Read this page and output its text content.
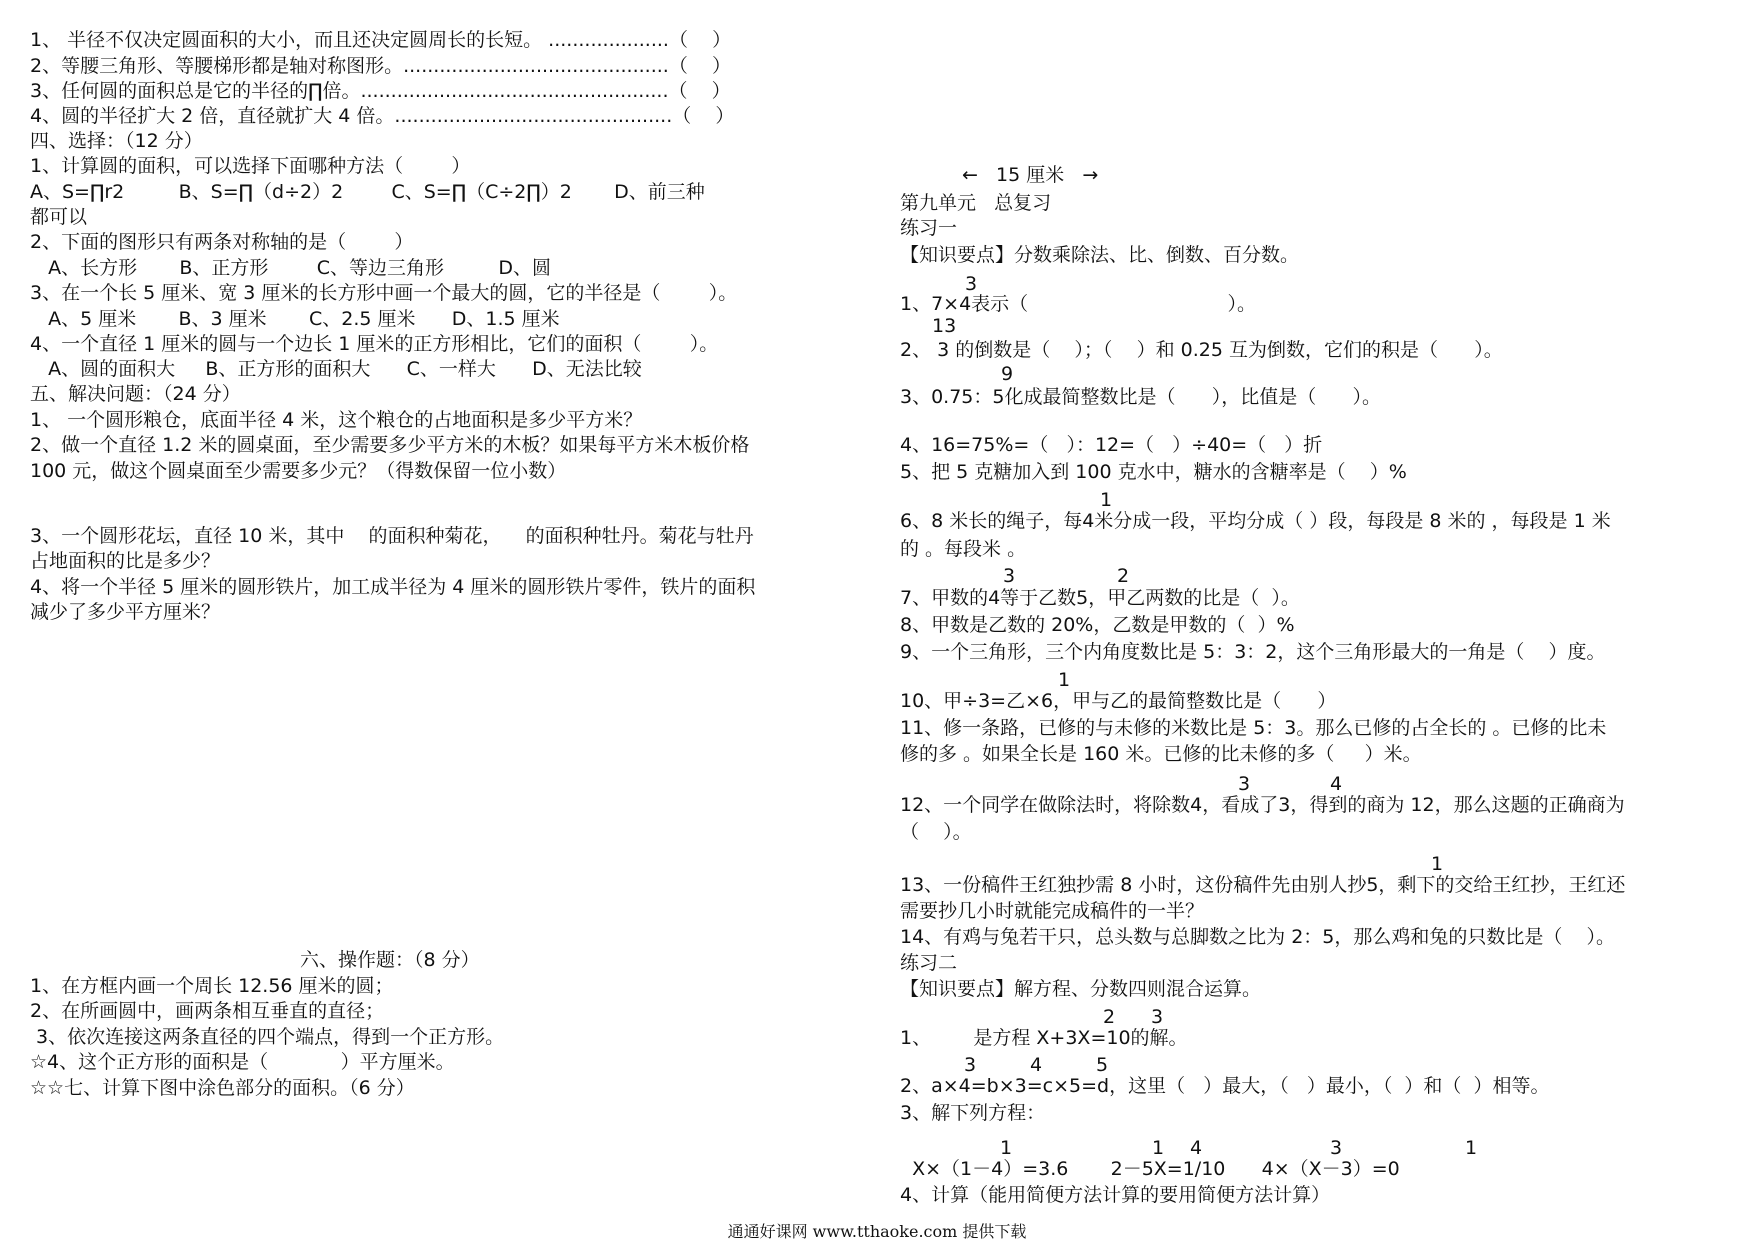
1、 半径不仅决定圆面积的大小，而且还决定圆周长的长短。 ....................（    ）
2、等腰三角形、等腰梯形都是轴对称图形。............................................（    ）
3、任何圆的面积总是它的半径的∏倍。...................................................（    ）
4、圆的半径扩大 2 倍，直径就扩大 4 倍。..............................................（    ）
四、选择：（12 分）
1、计算圆的面积，可以选择下面哪种方法（        ）
A、S=∏r2         B、S=∏（d÷2）2        C、S=∏（C÷2∏）2       D、前三种
都可以
2、下面的图形只有两条对称轴的是（        ）
A、长方形       B、正方形        C、等边三角形         D、圆
3、在一个长 5 厘米、宽 3 厘米的长方形中画一个最大的圆，它的半径是（        ）。
A、5 厘米       B、3 厘米       C、2.5 厘米      D、1.5 厘米
4、一个直径 1 厘米的圆与一个边长 1 厘米的正方形相比，它们的面积（        ）。
A、圆的面积大     B、正方形的面积大      C、一样大      D、无法比较
五、解决问题：（24 分）
1、 一个圆形粮仓，底面半径 4 米，这个粮仓的占地面积是多少平方米？
2、做一个直径 1.2 米的圆桌面，至少需要多少平方米的木板？如果每平方米木板价格
100 元，做这个圆桌面至少需要多少元？（得数保留一位小数）
3、一个圆形花坛，直径 10 米，其中    的面积种菊花，    的面积种牡丹。菊花与牡丹
占地面积的比是多少？
4、将一个半径 5 厘米的圆形铁片，加工成半径为 4 厘米的圆形铁片零件，铁片的面积
减少了多少平方厘米？
六、操作题：（8 分）
1、在方框内画一个周长 12.56 厘米的圆；
2、在所画圆中，画两条相互垂直的直径；
3、依次连接这两条直径的四个端点，得到一个正方形。
☆4、这个正方形的面积是（            ）平方厘米。
☆☆七、计算下图中涂色部分的面积。（6 分）
←   15 厘米   →
第九单元   总复习
练习一
【知识要点】分数乘除法、比、倒数、百分数。
3
1、7×4表示（                                 ）。
13
2、 3 的倒数是（    ）；（    ）和 0.25 互为倒数，它们的积是（      ）。
9
3、0.75：5化成最简整数比是（      ），比值是（      ）。
4、16=75%=（   ）：12=（   ）÷40=（   ）折
5、把 5 克糖加入到 100 克水中，糖水的含糖率是（    ）%
1
6、8 米长的绳子，每4米分成一段，平均分成（ ）段，每段是 8 米的 ，每段是 1 米
的 。每段米 。
3	2
7、甲数的4等于乙数5，甲乙两数的比是（  ）。
8、甲数是乙数的 20%，乙数是甲数的（  ）%
9、一个三角形，三个内角度数比是 5：3：2，这个三角形最大的一角是（    ）度。
1
10、甲÷3=乙×6，甲与乙的最简整数比是（      ）
11、修一条路，已修的与未修的米数比是 5：3。那么已修的占全长的 。已修的比未
修的多 。如果全长是 160 米。已修的比未修的多（     ）米。
3	4
12、一个同学在做除法时，将除数4，看成了3，得到的商为 12，那么这题的正确商为
（    ）。
1
13、一份稿件王红独抄需 8 小时，这份稿件先由别人抄5，剩下的交给王红抄，王红还
需要抄几小时就能完成稿件的一半？
14、有鸡与兔若干只，总头数与总脚数之比为 2：5，那么鸡和兔的只数比是（    ）。
练习二
【知识要点】解方程、分数四则混合运算。
2 3
1、       是方程 X+3X=10的解。
3	4	5
2、a×4=b×3=c×5=d，这里（   ）最大，（   ）最小，（  ）和（  ）相等。
3、解下列方程：
1	1 4	3	1
X×（1－4）=3.6       2－5X=1/10      4×（X－3）=0
4、计算（能用简便方法计算的要用简便方法计算）
通通好课网 www.tthaoke.com 提供下载
